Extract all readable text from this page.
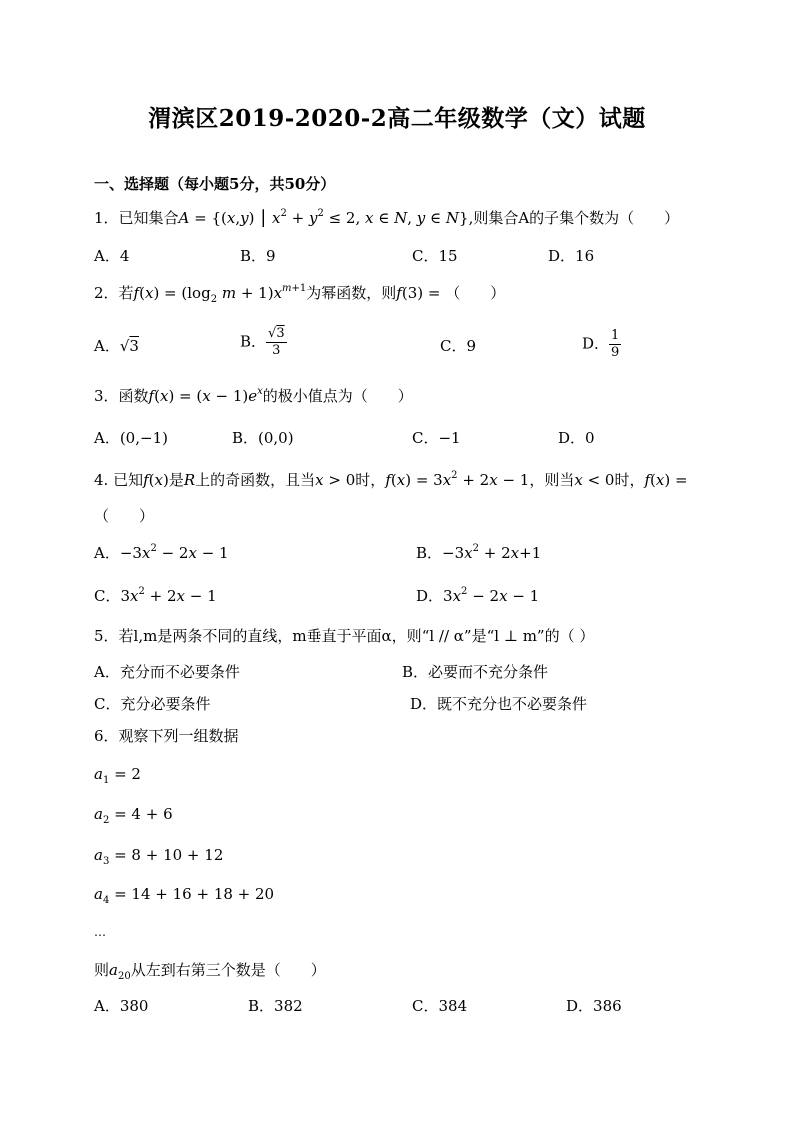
渭滨区2019-2020-2高二年级数学（文）试题
一、选择题（每小题5分，共50分）
1．已知集合A = {(x,y) | $x^2 + y^2 \le 2$, x ∈ N, y ∈ N},则集合A的子集个数为（　　）
A．4	B．9	C．15	D．16
2．若$f(x) = (\log_2$ $m + 1)x^{m+1}$为幂函数，则f(3) = （　　）
A．√3	B． $\frac{√3}{3}$	C．9	D． $\frac{1}{9}$
3．函数$f(x) = (x - 1)e^x$的极小值点为（　　）
A．(0,−1)	B．(0,0)	C．−1	D．0
4. 已知f(x)是R上的奇函数，且当x > 0时，$f(x) = 3x^2 + 2x - 1$，则当x < 0时，f(x) =
（　　）
A．$-3x^2 - 2x - 1$	B．$-3x^2 + 2x+1$
C．$3x^2 + 2x - 1$	D．$3x^2 - 2x - 1$
5．若l,m是两条不同的直线，m垂直于平面α，则“l // α”是“l ⊥ m”的（ ）
A．充分而不必要条件	B．必要而不充分条件
C．充分必要条件	D．既不充分也不必要条件
6．观察下列一组数据
$a_1 = 2$
$a_2 = 4 + 6$
$a_3 = 8 + 10 + 12$
$a_4 = 14 + 16 + 18 + 20$
…
则$a_{20}$从左到右第三个数是（　　）
A．380	B．382	C．384	D．386
